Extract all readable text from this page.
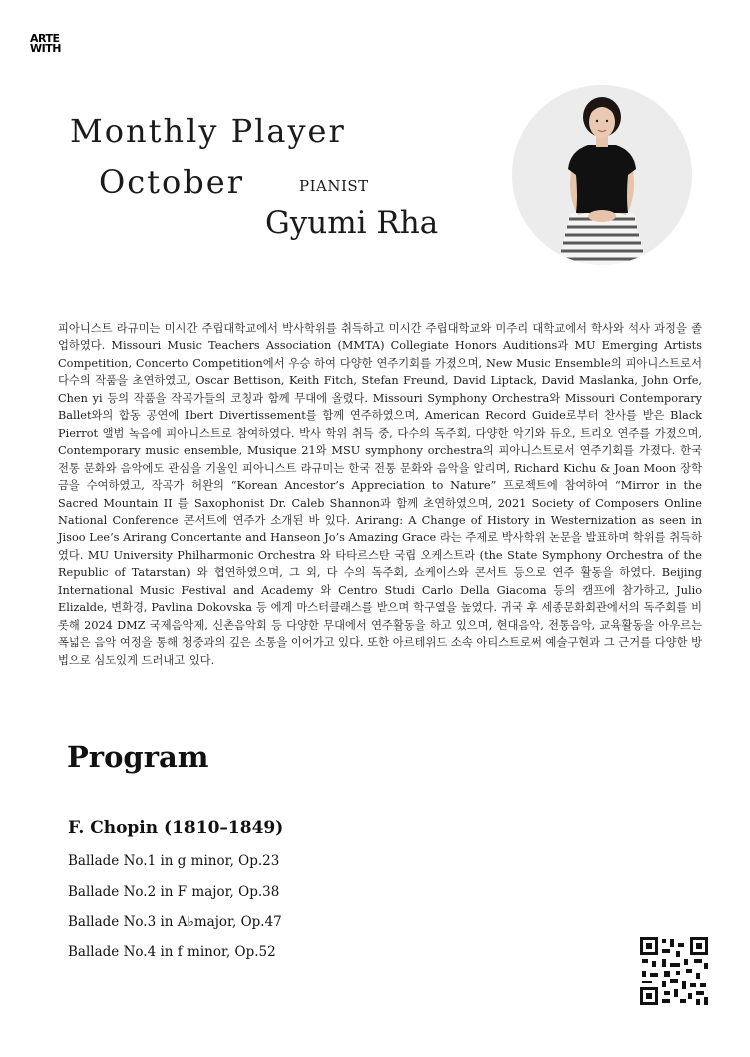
ARTE
WITH
Monthly Player
October	PIANIST
Gyumi Rha

피아니스트 라규미는 미시간 주립대학교에서 박사학위를 취득하고 미시간 주립대학교와 미주리 대학교에서 학사와 석사 과정을 졸업하였다. Missouri Music Teachers Association (MMTA) Collegiate Honors Auditions과 MU Emerging Artists Competition, Concerto Competition에서 우승 하여 다양한 연주기회를 가졌으며, New Music Ensemble의 피아니스트로서 다수의 작품을 초연하였고, Oscar Bettison, Keith Fitch, Stefan Freund, David Liptack, David Maslanka, John Orfe, Chen yi 등의 작품을 작곡가들의 코칭과 함께 무대에 올렸다. Missouri Symphony Orchestra와 Missouri Contemporary Ballet와의 합동 공연에 Ibert Divertissement를 함께 연주하였으며, American Record Guide로부터 찬사를 받은 Black Pierrot 앨범 녹음에 피아니스트로 참여하였다. 박사 학위 취득 중, 다수의 독주회, 다양한 악기와 듀오, 트리오 연주를 가졌으며, Contemporary music ensemble, Musique 21와 MSU symphony orchestra의 피아니스트로서 연주기회를 가졌다. 한국 전통 문화와 음악에도 관심을 기울인 피아니스트 라규미는 한국 전통 문화와 음악을 알리며, Richard Kichu & Joan Moon 장학금을 수여하였고, 작곡가 허완의 “Korean Ancestor’s Appreciation to Nature” 프로젝트에 참여하여 “Mirror in the Sacred Mountain II 를 Saxophonist Dr. Caleb Shannon과 함께 초연하였으며, 2021 Society of Composers Online National Conference 콘서트에 연주가 소개된 바 있다. Arirang: A Change of History in Westernization as seen in Jisoo Lee’s Arirang Concertante and Hanseon Jo’s Amazing Grace 라는 주제로 박사학위 논문을 발표하며 학위를 취득하였다. MU University Philharmonic Orchestra 와 타타르스탄 국립 오케스트라 (the State Symphony Orchestra of the Republic of Tatarstan) 와 협연하였으며, 그 외, 다 수의 독주회, 쇼케이스와 콘서트 등으로 연주 활동을 하였다. Beijing International Music Festival and Academy 와 Centro Studi Carlo Della Giacoma 등의 캠프에 참가하고, Julio Elizalde, 변화경, Pavlina Dokovska 등 에게 마스터클래스를 받으며 학구열을 높였다. 귀국 후 세종문화회관에서의 독주회를 비롯해 2024 DMZ 국제음악제, 신촌음악회 등 다양한 무대에서 연주활동을 하고 있으며, 현대음악, 전통음악, 교육활동을 아우르는 폭넓은 음악 여정을 통해 청중과의 깊은 소통을 이어가고 있다. 또한 아르테위드 소속 아티스트로써 예술구현과 그 근거를 다양한 방법으로 심도있게 드러내고 있다.

Program
F. Chopin (1810–1849)
Ballade No.1 in g minor, Op.23
Ballade No.2 in F major, Op.38
Ballade No.3 in A♭major, Op.47
Ballade No.4 in f minor, Op.52
